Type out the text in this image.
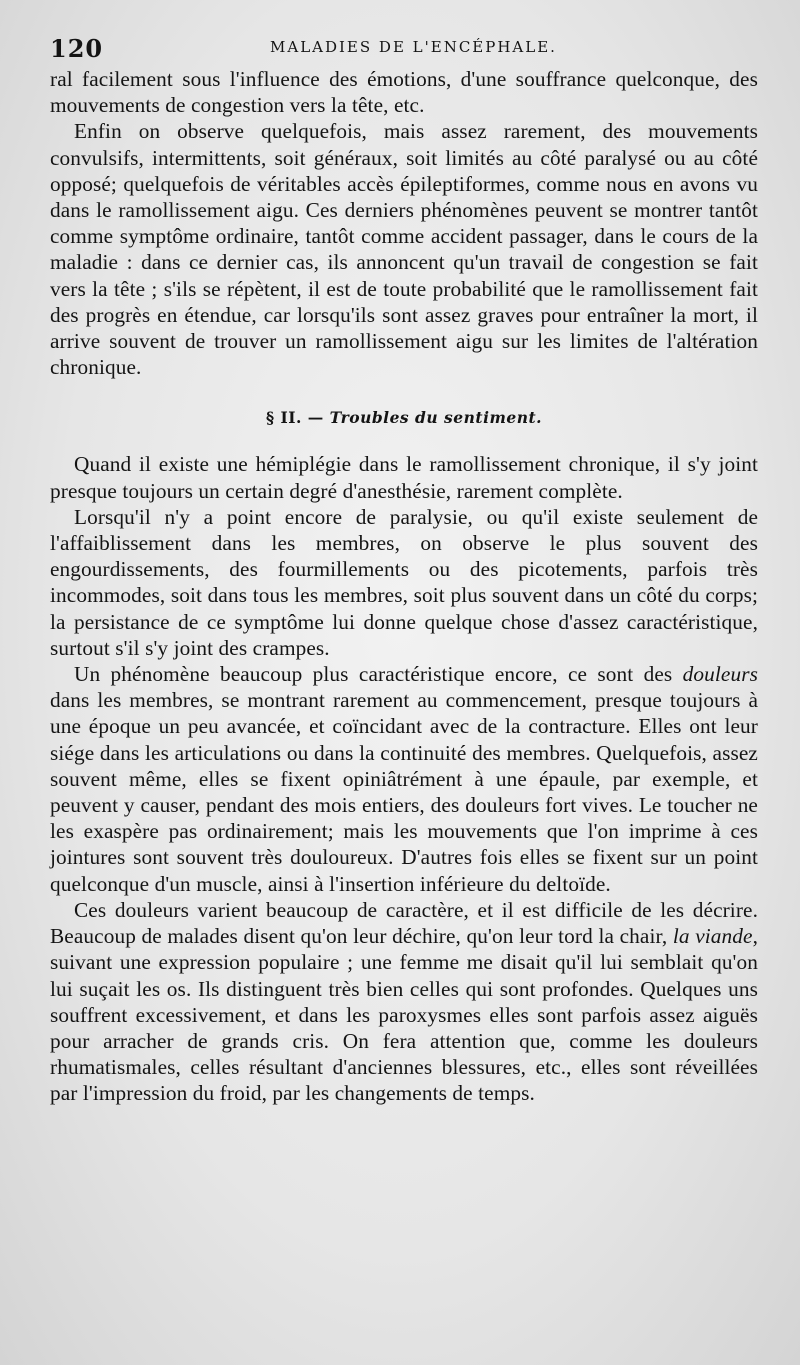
120	MALADIES DE L'ENCÉPHALE.

ral facilement sous l'influence des émotions, d'une souffrance quelconque, des mouvements de congestion vers la tête, etc.

Enfin on observe quelquefois, mais assez rarement, des mouvements convulsifs, intermittents, soit généraux, soit limités au côté paralysé ou au côté opposé; quelquefois de véritables accès épileptiformes, comme nous en avons vu dans le ramollissement aigu. Ces derniers phénomènes peuvent se montrer tantôt comme symptôme ordinaire, tantôt comme accident passager, dans le cours de la maladie : dans ce dernier cas, ils annoncent qu'un travail de congestion se fait vers la tête ; s'ils se répètent, il est de toute probabilité que le ramollissement fait des progrès en étendue, car lorsqu'ils sont assez graves pour entraîner la mort, il arrive souvent de trouver un ramollissement aigu sur les limites de l'altération chronique.

§ II. — Troubles du sentiment.

Quand il existe une hémiplégie dans le ramollissement chronique, il s'y joint presque toujours un certain degré d'anesthésie, rarement complète.

Lorsqu'il n'y a point encore de paralysie, ou qu'il existe seulement de l'affaiblissement dans les membres, on observe le plus souvent des engourdissements, des fourmillements ou des picotements, parfois très incommodes, soit dans tous les membres, soit plus souvent dans un côté du corps; la persistance de ce symptôme lui donne quelque chose d'assez caractéristique, surtout s'il s'y joint des crampes.

Un phénomène beaucoup plus caractéristique encore, ce sont des douleurs dans les membres, se montrant rarement au commencement, presque toujours à une époque un peu avancée, et coïncidant avec de la contracture. Elles ont leur siége dans les articulations ou dans la continuité des membres. Quelquefois, assez souvent même, elles se fixent opiniâtrément à une épaule, par exemple, et peuvent y causer, pendant des mois entiers, des douleurs fort vives. Le toucher ne les exaspère pas ordinairement; mais les mouvements que l'on imprime à ces jointures sont souvent très douloureux. D'autres fois elles se fixent sur un point quelconque d'un muscle, ainsi à l'insertion inférieure du deltoïde.

Ces douleurs varient beaucoup de caractère, et il est difficile de les décrire. Beaucoup de malades disent qu'on leur déchire, qu'on leur tord la chair, la viande, suivant une expression populaire ; une femme me disait qu'il lui semblait qu'on lui suçait les os. Ils distinguent très bien celles qui sont profondes. Quelques uns souffrent excessivement, et dans les paroxysmes elles sont parfois assez aiguës pour arracher de grands cris. On fera attention que, comme les douleurs rhumatismales, celles résultant d'anciennes blessures, etc., elles sont réveillées par l'impression du froid, par les changements de temps.
